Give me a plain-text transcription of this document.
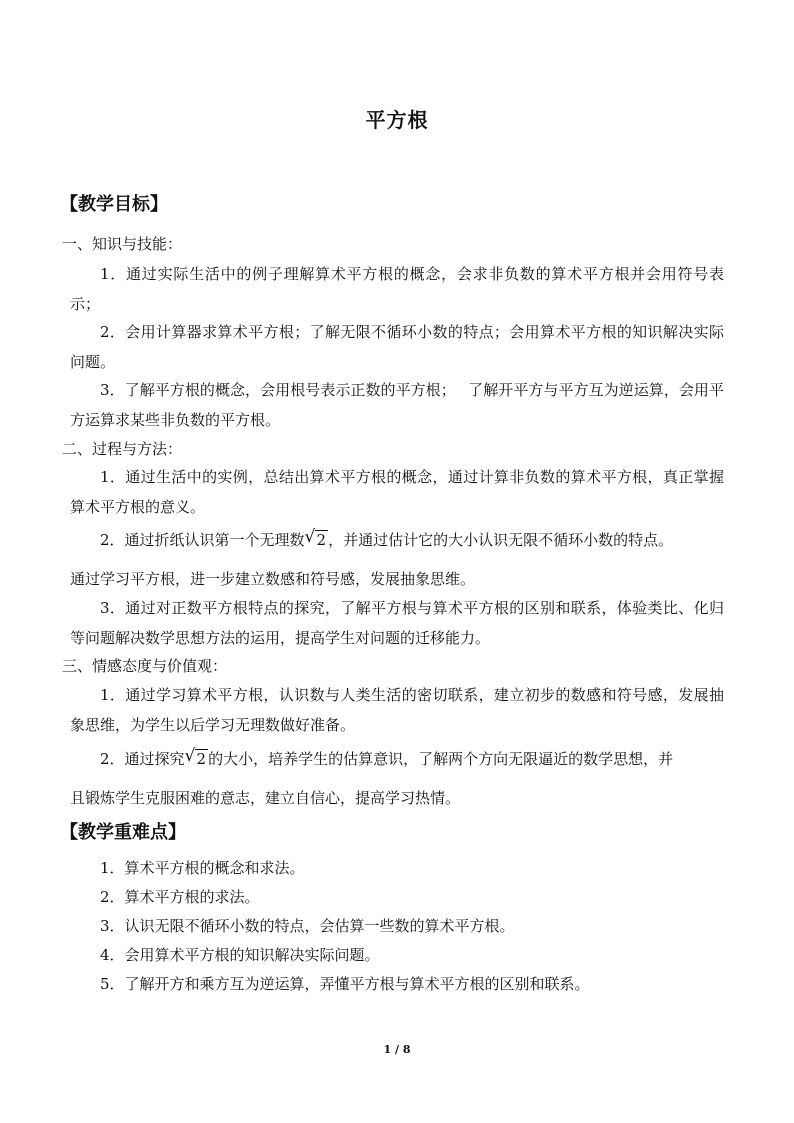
平方根
【教学目标】
一、知识与技能：
1．通过实际生活中的例子理解算术平方根的概念，会求非负数的算术平方根并会用符号表示；
2．会用计算器求算术平方根；了解无限不循环小数的特点；会用算术平方根的知识解决实际问题。
3．了解平方根的概念，会用根号表示正数的平方根；　 了解开平方与平方互为逆运算，会用平方运算求某些非负数的平方根。
二、过程与方法：
1．通过生活中的实例，总结出算术平方根的概念，通过计算非负数的算术平方根，真正掌握算术平方根的意义。
2．通过折纸认识第一个无理数 √ 2 ，并通过估计它的大小认识无限不循环小数的特点。
通过学习平方根，进一步建立数感和符号感，发展抽象思维。
3．通过对正数平方根特点的探究，了解平方根与算术平方根的区别和联系，体验类比、化归等问题解决数学思想方法的运用，提高学生对问题的迁移能力。
三、情感态度与价值观：
1．通过学习算术平方根，认识数与人类生活的密切联系，建立初步的数感和符号感，发展抽象思维，为学生以后学习无理数做好准备。
2．通过探究 √ 2 的大小，培养学生的估算意识，了解两个方向无限逼近的数学思想，并
且锻炼学生克服困难的意志，建立自信心，提高学习热情。
【教学重难点】
1．算术平方根的概念和求法。
2．算术平方根的求法。
3．认识无限不循环小数的特点，会估算一些数的算术平方根。
4．会用算术平方根的知识解决实际问题。
5．了解开方和乘方互为逆运算，弄懂平方根与算术平方根的区别和联系。
1 / 8
